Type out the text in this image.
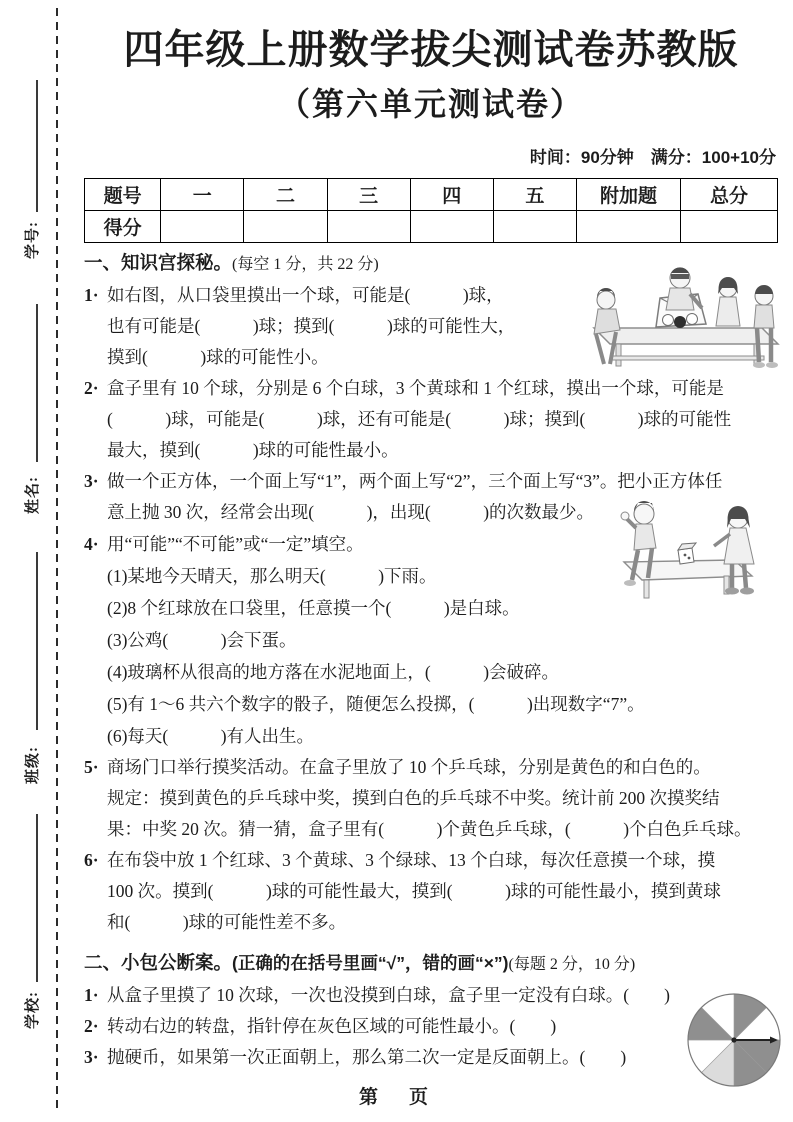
学号:
姓名:
班级:
学校:
四年级上册数学拔尖测试卷苏教版
（第六单元测试卷）
时间：90分钟　满分：100+10分
题号	一	二	三	四	五	附加题	总分
得分							
一、知识宫探秘。(每空 1 分，共 22 分)
1· 如右图，从口袋里摸出一个球，可能是(　　　)球，
也有可能是(　　　)球；摸到(　　　)球的可能性大，
摸到(　　　)球的可能性小。
2· 盒子里有 10 个球，分别是 6 个白球，3 个黄球和 1 个红球，摸出一个球，可能是
(　　　)球，可能是(　　　)球，还有可能是(　　　)球；摸到(　　　)球的可能性
最大，摸到(　　　)球的可能性最小。
3· 做一个正方体，一个面上写“1”，两个面上写“2”，三个面上写“3”。把小正方体任
意上抛 30 次，经常会出现(　　　)，出现(　　　)的次数最少。
4· 用“可能”“不可能”或“一定”填空。
(1)某地今天晴天，那么明天(　　　)下雨。
(2)8 个红球放在口袋里，任意摸一个(　　　)是白球。
(3)公鸡(　　　)会下蛋。
(4)玻璃杯从很高的地方落在水泥地面上，(　　　)会破碎。
(5)有 1～6 共六个数字的骰子，随便怎么投掷，(　　　)出现数字“7”。
(6)每天(　　　)有人出生。
5· 商场门口举行摸奖活动。在盒子里放了 10 个乒乓球，分别是黄色的和白色的。
规定：摸到黄色的乒乓球中奖，摸到白色的乒乓球不中奖。统计前 200 次摸奖结
果：中奖 20 次。猜一猜，盒子里有(　　　)个黄色乒乓球，(　　　)个白色乒乓球。
6· 在布袋中放 1 个红球、3 个黄球、3 个绿球、13 个白球，每次任意摸一个球，摸
100 次。摸到(　　　)球的可能性最大，摸到(　　　)球的可能性最小，摸到黄球
和(　　　)球的可能性差不多。
二、小包公断案。(正确的在括号里画“√”，错的画“×”)(每题 2 分，10 分)
1· 从盒子里摸了 10 次球，一次也没摸到白球，盒子里一定没有白球。(　　)
2· 转动右边的转盘，指针停在灰色区域的可能性最小。(　　)
3· 抛硬币，如果第一次正面朝上，那么第二次一定是反面朝上。(　　)
第　页
